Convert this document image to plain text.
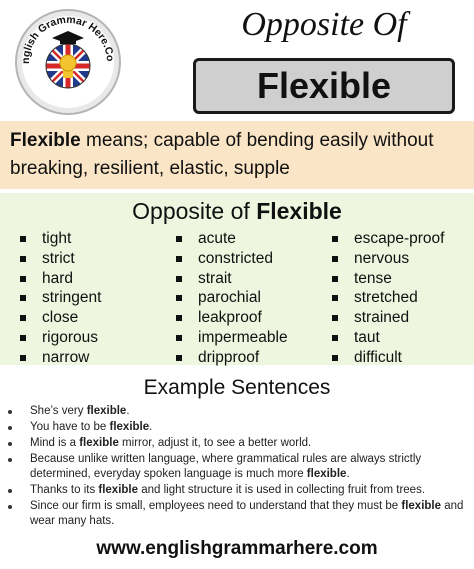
nglish Grammar Here.Co
Opposite Of
Flexible
Flexible means; capable of bending easily without breaking, resilient, elastic, supple
Opposite of Flexible
tight
strict
hard
stringent
close
rigorous
narrow
acute
constricted
strait
parochial
leakproof
impermeable
dripproof
escape-proof
nervous
tense
stretched
strained
taut
difficult
Example Sentences
She’s very flexible.
You have to be flexible.
Mind is a flexible mirror, adjust it, to see a better world.
Because unlike written language, where grammatical rules are always strictly determined, everyday spoken language is much more flexible.
Thanks to its flexible and light structure it is used in collecting fruit from trees.
Since our firm is small, employees need to understand that they must be flexible and wear many hats.
www.englishgrammarhere.com
